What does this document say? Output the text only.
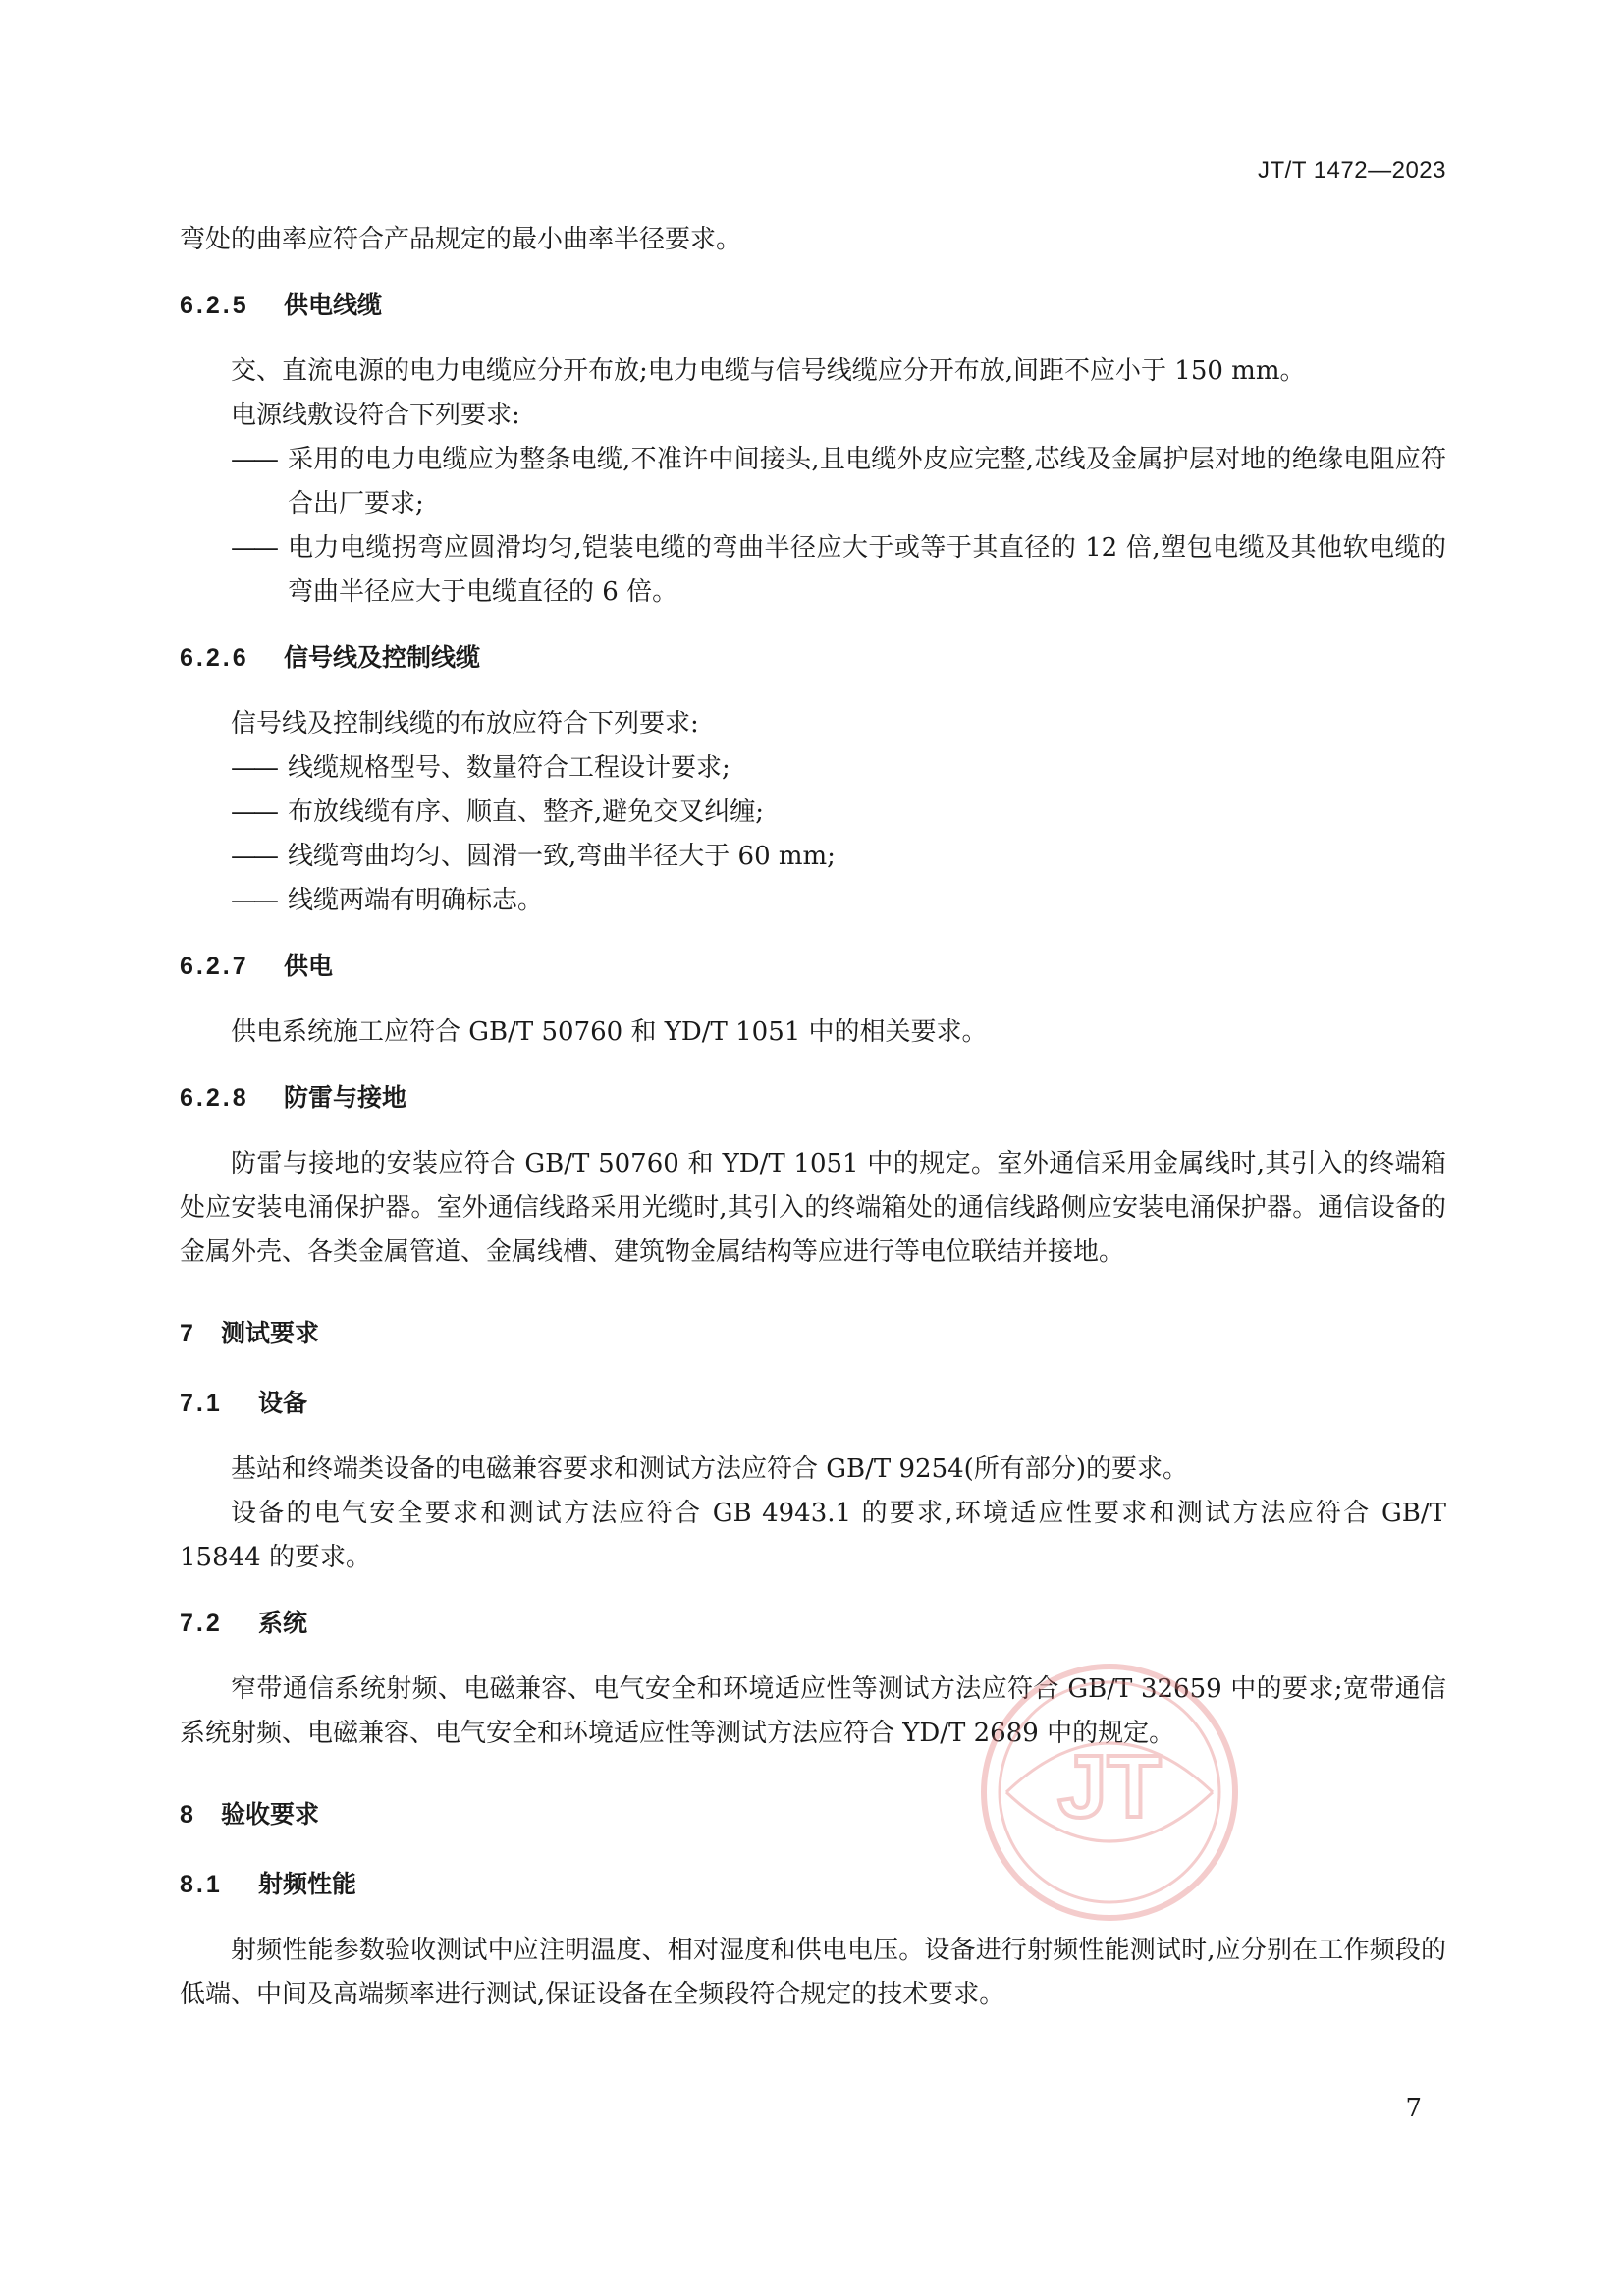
JT/T 1472—2023

弯处的曲率应符合产品规定的最小曲率半径要求。

6.2.5 供电线缆

交、直流电源的电力电缆应分开布放;电力电缆与信号线缆应分开布放,间距不应小于 150 mm。

电源线敷设符合下列要求:

—— 采用的电力电缆应为整条电缆,不准许中间接头,且电缆外皮应完整,芯线及金属护层对地的绝缘电阻应符合出厂要求;
—— 电力电缆拐弯应圆滑均匀,铠装电缆的弯曲半径应大于或等于其直径的 12 倍,塑包电缆及其他软电缆的弯曲半径应大于电缆直径的 6 倍。

6.2.6 信号线及控制线缆

信号线及控制线缆的布放应符合下列要求:

—— 线缆规格型号、数量符合工程设计要求;
—— 布放线缆有序、顺直、整齐,避免交叉纠缠;
—— 线缆弯曲均匀、圆滑一致,弯曲半径大于 60 mm;
—— 线缆两端有明确标志。

6.2.7 供电

供电系统施工应符合 GB/T 50760 和 YD/T 1051 中的相关要求。

6.2.8 防雷与接地

防雷与接地的安装应符合 GB/T 50760 和 YD/T 1051 中的规定。室外通信采用金属线时,其引入的终端箱处应安装电涌保护器。室外通信线路采用光缆时,其引入的终端箱处的通信线路侧应安装电涌保护器。通信设备的金属外壳、各类金属管道、金属线槽、建筑物金属结构等应进行等电位联结并接地。

7 测试要求

7.1 设备

基站和终端类设备的电磁兼容要求和测试方法应符合 GB/T 9254(所有部分)的要求。

设备的电气安全要求和测试方法应符合 GB 4943.1 的要求,环境适应性要求和测试方法应符合 GB/T 15844 的要求。

7.2 系统

窄带通信系统射频、电磁兼容、电气安全和环境适应性等测试方法应符合 GB/T 32659 中的要求;宽带通信系统射频、电磁兼容、电气安全和环境适应性等测试方法应符合 YD/T 2689 中的规定。

8 验收要求

8.1 射频性能

射频性能参数验收测试中应注明温度、相对湿度和供电电压。设备进行射频性能测试时,应分别在工作频段的低端、中间及高端频率进行测试,保证设备在全频段符合规定的技术要求。

JT
7
